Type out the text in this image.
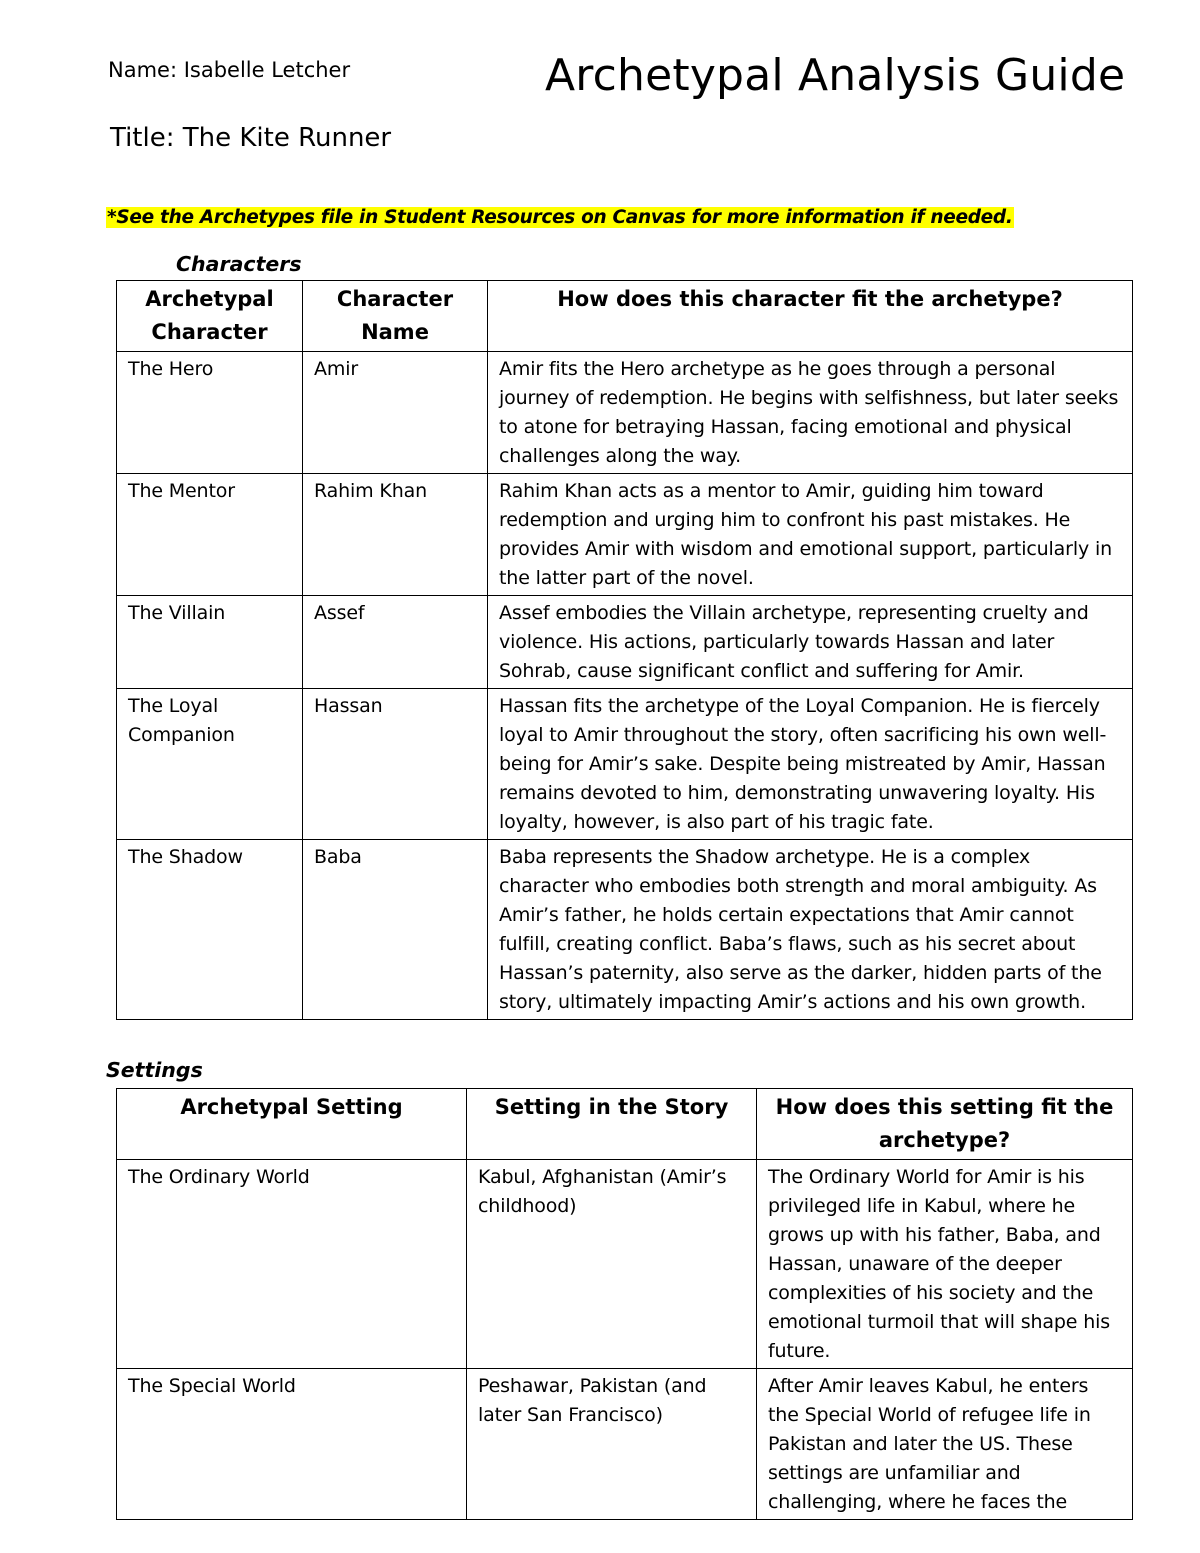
Name: Isabelle Letcher	Archetypal Analysis Guide
Title: The Kite Runner
*See the Archetypes file in Student Resources on Canvas for more information if needed.
Characters
Archetypal Character	Character Name	How does this character fit the archetype?
The Hero	Amir	Amir fits the Hero archetype as he goes through a personal journey of redemption. He begins with selfishness, but later seeks to atone for betraying Hassan, facing emotional and physical challenges along the way.
The Mentor	Rahim Khan	Rahim Khan acts as a mentor to Amir, guiding him toward redemption and urging him to confront his past mistakes. He provides Amir with wisdom and emotional support, particularly in the latter part of the novel.
The Villain	Assef	Assef embodies the Villain archetype, representing cruelty and violence. His actions, particularly towards Hassan and later Sohrab, cause significant conflict and suffering for Amir.
The Loyal Companion	Hassan	Hassan fits the archetype of the Loyal Companion. He is fiercely loyal to Amir throughout the story, often sacrificing his own well-being for Amir’s sake. Despite being mistreated by Amir, Hassan remains devoted to him, demonstrating unwavering loyalty. His loyalty, however, is also part of his tragic fate.
The Shadow	Baba	Baba represents the Shadow archetype. He is a complex character who embodies both strength and moral ambiguity. As Amir’s father, he holds certain expectations that Amir cannot fulfill, creating conflict. Baba’s flaws, such as his secret about Hassan’s paternity, also serve as the darker, hidden parts of the story, ultimately impacting Amir’s actions and his own growth.
Settings
Archetypal Setting	Setting in the Story	How does this setting fit the archetype?
The Ordinary World	Kabul, Afghanistan (Amir’s childhood)	The Ordinary World for Amir is his privileged life in Kabul, where he grows up with his father, Baba, and Hassan, unaware of the deeper complexities of his society and the emotional turmoil that will shape his future.
The Special World	Peshawar, Pakistan (and later San Francisco)	After Amir leaves Kabul, he enters the Special World of refugee life in Pakistan and later the US. These settings are unfamiliar and challenging, where he faces the
